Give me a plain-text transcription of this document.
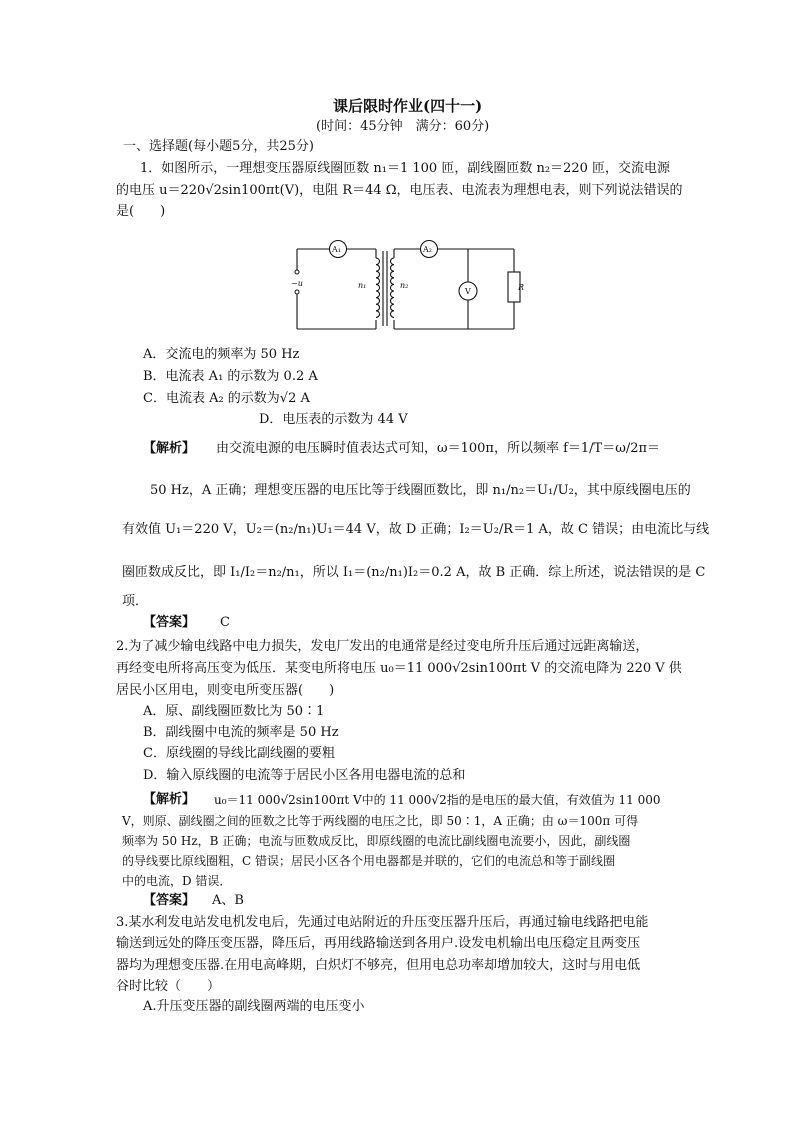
课后限时作业(四十一)
(时间：45分钟　满分：60分)
一、选择题(每小题5分，共25分)
1．如图所示，一理想变压器原线圈匝数 n₁＝1 100 匝，副线圈匝数 n₂＝220 匝，交流电源
的电压 u＝220√2sin100πt(V)，电阻 R＝44 Ω，电压表、电流表为理想电表，则下列说法错误的
是(　　)
A₁	A₂
V
~u	n₁	n₂	R
A．交流电的频率为 50 Hz
B．电流表 A₁ 的示数为 0.2 A
C．电流表 A₂ 的示数为√2 A
D．电压表的示数为 44 V
【解析】 由交流电源的电压瞬时值表达式可知，ω＝100π，所以频率 f＝1/T＝ω/2π＝
50 Hz，A 正确；理想变压器的电压比等于线圈匝数比，即 n₁/n₂＝U₁/U₂，其中原线圈电压的
有效值 U₁＝220 V，U₂＝(n₂/n₁)U₁＝44 V，故 D 正确；I₂＝U₂/R＝1 A，故 C 错误；由电流比与线
圈匝数成反比，即 I₁/I₂＝n₂/n₁，所以 I₁＝(n₂/n₁)I₂＝0.2 A，故 B 正确．综上所述，说法错误的是 C
项．
【答案】 C
2.为了减少输电线路中电力损失，发电厂发出的电通常是经过变电所升压后通过远距离输送，
再经变电所将高压变为低压．某变电所将电压 u₀＝11 000√2sin100πt V 的交流电降为 220 V 供
居民小区用电，则变电所变压器(　　)
A．原、副线圈匝数比为 50∶1
B．副线圈中电流的频率是 50 Hz
C．原线圈的导线比副线圈的要粗
D．输入原线圈的电流等于居民小区各用电器电流的总和
【解析】 u₀＝11 000√2sin100πt V中的 11 000√2指的是电压的最大值，有效值为 11 000
V，则原、副线圈之间的匝数之比等于两线圈的电压之比，即 50∶1，A 正确；由 ω＝100π 可得
频率为 50 Hz，B 正确；电流与匝数成反比，即原线圈的电流比副线圈电流要小，因此，副线圈
的导线要比原线圈粗，C 错误；居民小区各个用电器都是并联的，它们的电流总和等于副线圈
中的电流，D 错误．
【答案】 A、B
3.某水利发电站发电机发电后，先通过电站附近的升压变压器升压后，再通过输电线路把电能
输送到远处的降压变压器，降压后，再用线路输送到各用户.设发电机输出电压稳定且两变压
器均为理想变压器.在用电高峰期，白炽灯不够亮，但用电总功率却增加较大，这时与用电低
谷时比较（　　）
A.升压变压器的副线圈两端的电压变小
